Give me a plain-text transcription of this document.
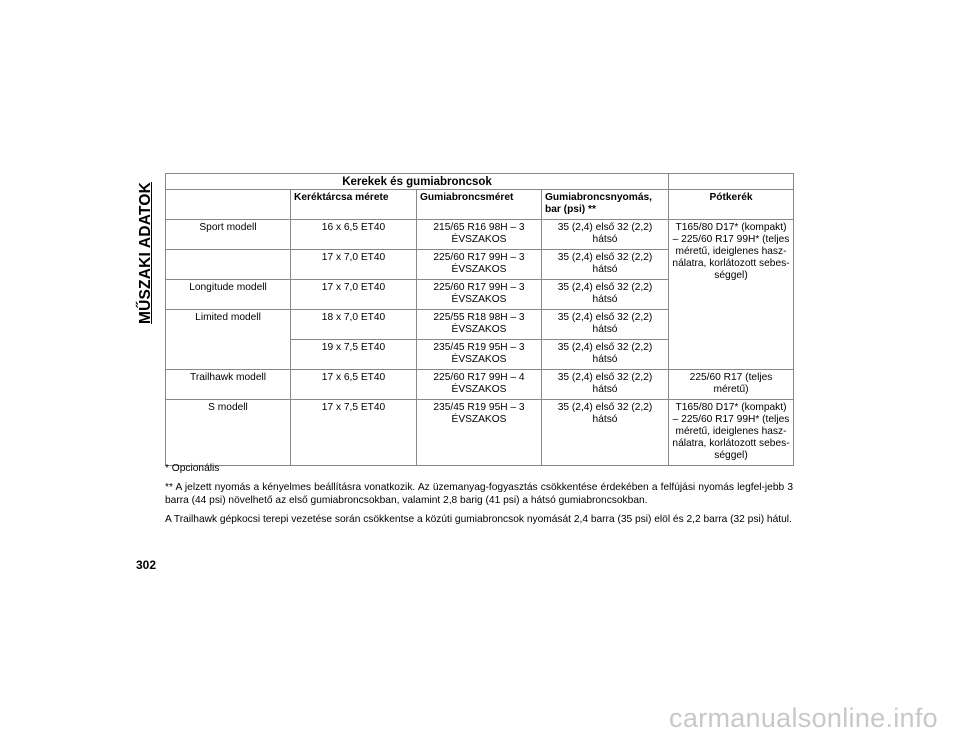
MŰSZAKI ADATOK	Kerekek és gumiabroncsok				
	Keréktárcsa mérete	Gumiabroncsméret	Gumiabroncsnyomás, bar (psi) **	Pótkerék
Sport modell	16 x 6,5 ET40	215/65 R16 98H – 3 ÉVSZAKOS	35 (2,4) első 32 (2,2) hátsó	T165/80 D17* (kompakt) – 225/60 R17 99H* (teljes méretű, ideiglenes hasz-nálatra, korlátozott sebes-séggel)
	17 x 7,0 ET40	225/60 R17 99H – 3 ÉVSZAKOS	35 (2,4) első 32 (2,2) hátsó	
Longitude modell	17 x 7,0 ET40	225/60 R17 99H – 3 ÉVSZAKOS	35 (2,4) első 32 (2,2) hátsó	
Limited modell	18 x 7,0 ET40	225/55 R18 98H – 3 ÉVSZAKOS	35 (2,4) első 32 (2,2) hátsó	
	19 x 7,5 ET40	235/45 R19 95H – 3 ÉVSZAKOS	35 (2,4) első 32 (2,2) hátsó	
Trailhawk modell	17 x 6,5 ET40	225/60 R17 99H – 4 ÉVSZAKOS	35 (2,4) első 32 (2,2) hátsó	225/60 R17 (teljes méretű)
S modell	17 x 7,5 ET40	235/45 R19 95H – 3 ÉVSZAKOS	35 (2,4) első 32 (2,2) hátsó	T165/80 D17* (kompakt) – 225/60 R17 99H* (teljes méretű, ideiglenes hasz-nálatra, korlátozott sebes-séggel)

* Opcionális

** A jelzett nyomás a kényelmes beállításra vonatkozik. Az üzemanyag-fogyasztás csökkentése érdekében a felfújási nyomás legfel-jebb 3 barra (44 psi) növelhető az első gumiabroncsokban, valamint 2,8 barig (41 psi) a hátsó gumiabroncsokban.

A Trailhawk gépkocsi terepi vezetése során csökkentse a közúti gumiabroncsok nyomását 2,4 barra (35 psi) elöl és 2,2 barra (32 psi) hátul.

302
carmanualsonline.info
